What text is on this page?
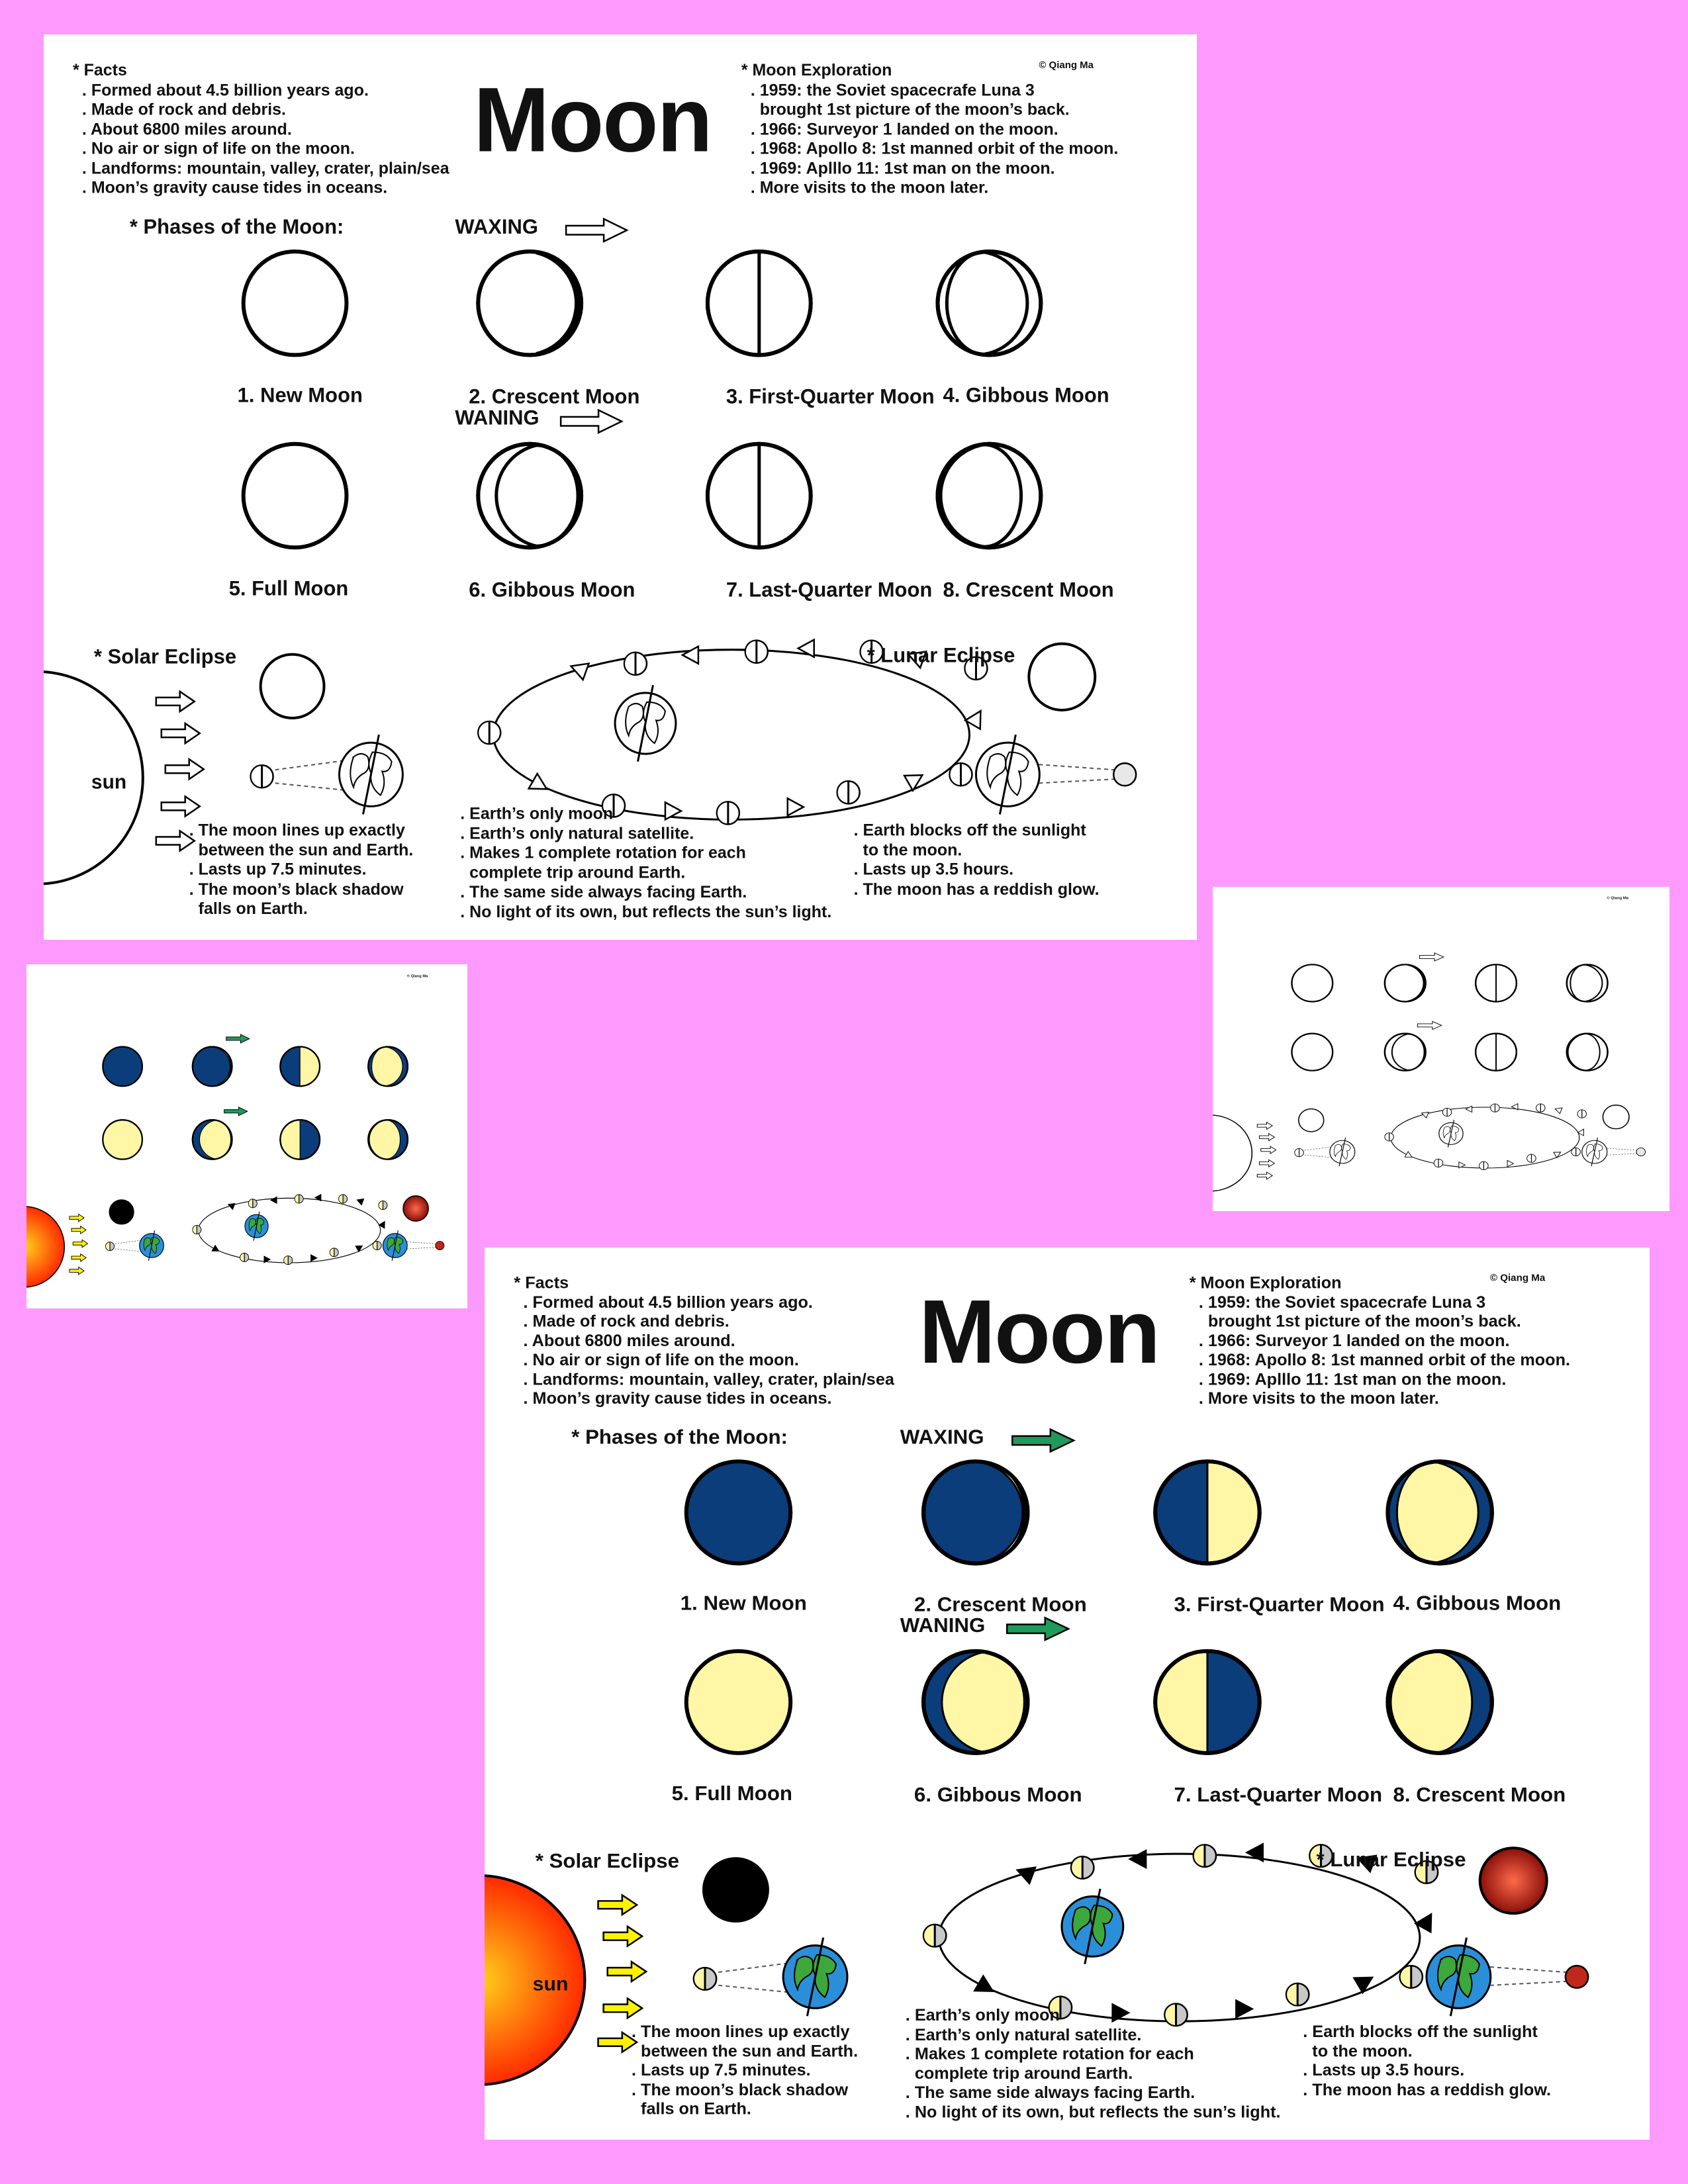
Moon
© Qiang Ma
* Facts
. Formed about 4.5 billion years ago.
. Made of rock and debris.
. About 6800 miles around.
. No air or sign of life on the moon.
. Landforms: mountain, valley, crater, plain/sea
. Moon’s gravity cause tides in oceans.
* Moon Exploration
. 1959: the Soviet spacecrafe Luna 3
brought 1st picture of the moon’s back.
. 1966: Surveyor 1 landed on the moon.
. 1968: Apollo 8: 1st manned orbit of the moon.
. 1969: Aplllo 11: 1st man on the moon.
. More visits to the moon later.
* Phases of the Moon:	WAXING
WANING
1. New Moon	2. Crescent Moon	3. First-Quarter Moon 4. Gibbous Moon
5. Full Moon	6. Gibbous Moon	7. Last-Quarter Moon 8. Crescent Moon
* Solar Eclipse
sun
. The moon lines up exactly
between the sun and Earth.
. Lasts up 7.5 minutes.
. The moon’s black shadow
falls on Earth.
. Earth’s only moon
. Earth’s only natural satellite.
. Makes 1 complete rotation for each
complete trip around Earth.
. The same side always facing Earth.
. No light of its own, but reflects the sun’s light.
* Lunar Eclipse
. Earth blocks off the sunlight
to the moon.
. Lasts up 3.5 hours.
. The moon has a reddish glow.
© Qiang Ma
© Qiang Ma
Moon
© Qiang Ma
* Facts
. Formed about 4.5 billion years ago.
. Made of rock and debris.
. About 6800 miles around.
. No air or sign of life on the moon.
. Landforms: mountain, valley, crater, plain/sea
. Moon’s gravity cause tides in oceans.
* Moon Exploration
. 1959: the Soviet spacecrafe Luna 3
brought 1st picture of the moon’s back.
. 1966: Surveyor 1 landed on the moon.
. 1968: Apollo 8: 1st manned orbit of the moon.
. 1969: Aplllo 11: 1st man on the moon.
. More visits to the moon later.
* Phases of the Moon:	WAXING
WANING
1. New Moon	2. Crescent Moon	3. First-Quarter Moon 4. Gibbous Moon
5. Full Moon	6. Gibbous Moon	7. Last-Quarter Moon 8. Crescent Moon
* Solar Eclipse
sun
. The moon lines up exactly
between the sun and Earth.
. Lasts up 7.5 minutes.
. The moon’s black shadow
falls on Earth.
. Earth’s only moon
. Earth’s only natural satellite.
. Makes 1 complete rotation for each
complete trip around Earth.
. The same side always facing Earth.
. No light of its own, but reflects the sun’s light.
* Lunar Eclipse
. Earth blocks off the sunlight
to the moon.
. Lasts up 3.5 hours.
. The moon has a reddish glow.
